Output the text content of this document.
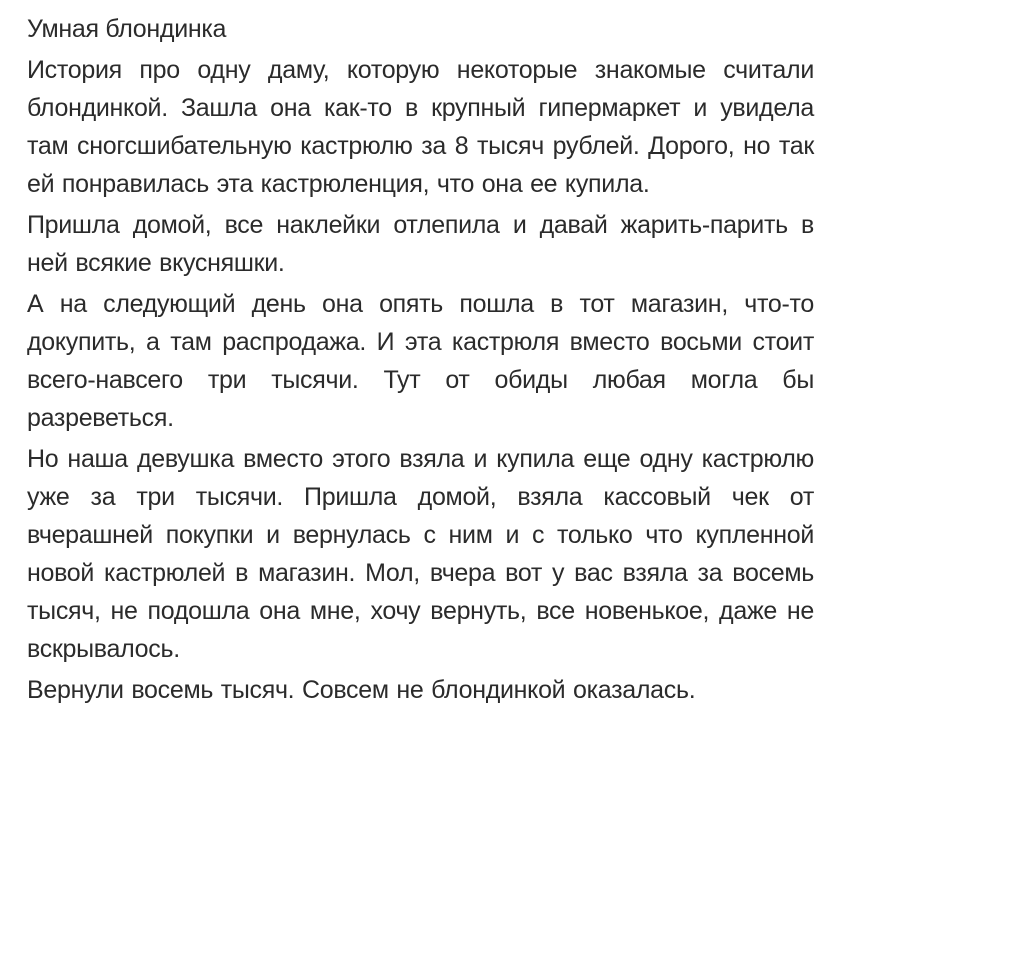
Умная блондинка

История про одну даму, которую некоторые знакомые считали блондинкой. Зашла она как-то в крупный гипермаркет и увидела там сногсшибательную кастрюлю за 8 тысяч рублей. Дорого, но так ей понравилась эта кастрюленция, что она ее купила.

Пришла домой, все наклейки отлепила и давай жарить-парить в ней всякие вкусняшки.

А на следующий день она опять пошла в тот магазин, что-то докупить, а там распродажа. И эта кастрюля вместо восьми стоит всего-навсего три тысячи. Тут от обиды любая могла бы разреветься.

Но наша девушка вместо этого взяла и купила еще одну кастрюлю уже за три тысячи. Пришла домой, взяла кассовый чек от вчерашней покупки и вернулась с ним и с только что купленной новой кастрюлей в магазин. Мол, вчера вот у вас взяла за восемь тысяч, не подошла она мне, хочу вернуть, все новенькое, даже не вскрывалось.

Вернули восемь тысяч. Совсем не блондинкой оказалась.
